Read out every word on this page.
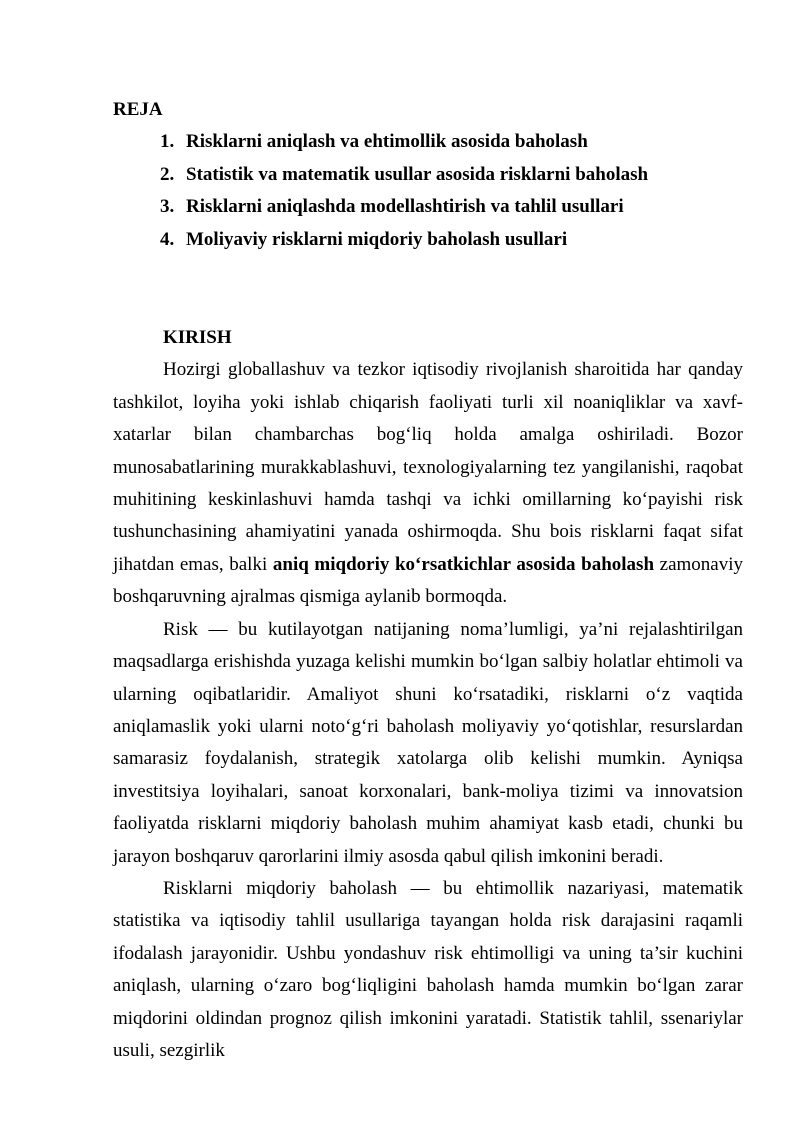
REJA
1. Risklarni aniqlash va ehtimollik asosida baholash
2. Statistik va matematik usullar asosida risklarni baholash
3. Risklarni aniqlashda modellashtirish va tahlil usullari
4. Moliyaviy risklarni miqdoriy baholash usullari
KIRISH

Hozirgi globallashuv va tezkor iqtisodiy rivojlanish sharoitida har qanday tashkilot, loyiha yoki ishlab chiqarish faoliyati turli xil noaniqliklar va xavf-xatarlar bilan chambarchas bog‘liq holda amalga oshiriladi. Bozor munosabatlarining murakkablashuvi, texnologiyalarning tez yangilanishi, raqobat muhitining keskinlashuvi hamda tashqi va ichki omillarning ko‘payishi risk tushunchasining ahamiyatini yanada oshirmoqda. Shu bois risklarni faqat sifat jihatdan emas, balki aniq miqdoriy ko‘rsatkichlar asosida baholash zamonaviy boshqaruvning ajralmas qismiga aylanib bormoqda.

Risk — bu kutilayotgan natijaning noma’lumligi, ya’ni rejalashtirilgan maqsadlarga erishishda yuzaga kelishi mumkin bo‘lgan salbiy holatlar ehtimoli va ularning oqibatlaridir. Amaliyot shuni ko‘rsatadiki, risklarni o‘z vaqtida aniqlamaslik yoki ularni noto‘g‘ri baholash moliyaviy yo‘qotishlar, resurslardan samarasiz foydalanish, strategik xatolarga olib kelishi mumkin. Ayniqsa investitsiya loyihalari, sanoat korxonalari, bank-moliya tizimi va innovatsion faoliyatda risklarni miqdoriy baholash muhim ahamiyat kasb etadi, chunki bu jarayon boshqaruv qarorlarini ilmiy asosda qabul qilish imkonini beradi.

Risklarni miqdoriy baholash — bu ehtimollik nazariyasi, matematik statistika va iqtisodiy tahlil usullariga tayangan holda risk darajasini raqamli ifodalash jarayonidir. Ushbu yondashuv risk ehtimolligi va uning ta’sir kuchini aniqlash, ularning o‘zaro bog‘liqligini baholash hamda mumkin bo‘lgan zarar miqdorini oldindan prognoz qilish imkonini yaratadi. Statistik tahlil, ssenariylar usuli, sezgirlik
